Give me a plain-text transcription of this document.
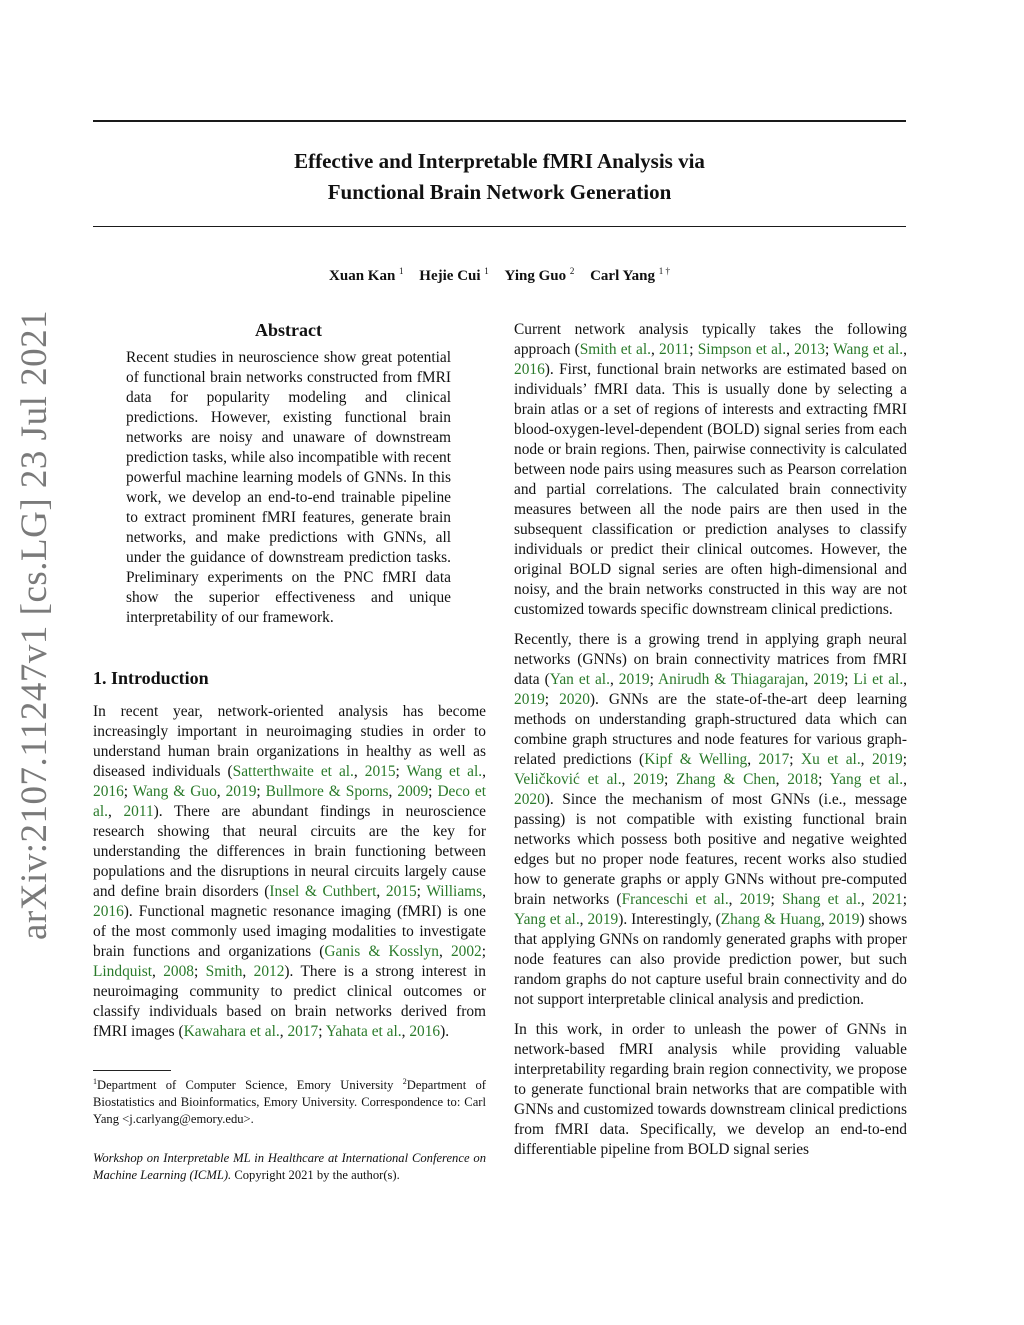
Effective and Interpretable fMRI Analysis via
Functional Brain Network Generation
Xuan Kan $^1$ Hejie Cui $^1$ Ying Guo $^2$ Carl Yang $^{1 \dagger}$
arXiv:2107.11247v1 [cs.LG] 23 Jul 2021	Abstract

Recent studies in neuroscience show great potential of functional brain networks constructed from fMRI data for popularity modeling and clinical predictions. However, existing functional brain networks are noisy and unaware of downstream prediction tasks, while also incompatible with recent powerful machine learning models of GNNs. In this work, we develop an end-to-end trainable pipeline to extract prominent fMRI features, generate brain networks, and make predictions with GNNs, all under the guidance of downstream prediction tasks. Preliminary experiments on the PNC fMRI data show the superior effectiveness and unique interpretability of our framework.

1. Introduction

In recent year, network-oriented analysis has become increasingly important in neuroimaging studies in order to understand human brain organizations in healthy as well as diseased individuals (Satterthwaite et al., 2015; Wang et al., 2016; Wang & Guo, 2019; Bullmore & Sporns, 2009; Deco et al., 2011). There are abundant findings in neuroscience research showing that neural circuits are the key for understanding the differences in brain functioning between populations and the disruptions in neural circuits largely cause and define brain disorders (Insel & Cuthbert, 2015; Williams, 2016). Functional magnetic resonance imaging (fMRI) is one of the most commonly used imaging modalities to investigate brain functions and organizations (Ganis & Kosslyn, 2002; Lindquist, 2008; Smith, 2012). There is a strong interest in neuroimaging community to predict clinical outcomes or classify individuals based on brain networks derived from fMRI images (Kawahara et al., 2017; Yahata et al., 2016).

$^1$Department of Computer Science, Emory University $^2$Department of Biostatistics and Bioinformatics, Emory University. Correspondence to: Carl Yang <j.carlyang@emory.edu>.
Workshop on Interpretable ML in Healthcare at International Conference on Machine Learning (ICML). Copyright 2021 by the author(s).

Current network analysis typically takes the following approach (Smith et al., 2011; Simpson et al., 2013; Wang et al., 2016). First, functional brain networks are estimated based on individuals’ fMRI data. This is usually done by selecting a brain atlas or a set of regions of interests and extracting fMRI blood-oxygen-level-dependent (BOLD) signal series from each node or brain regions. Then, pairwise connectivity is calculated between node pairs using measures such as Pearson correlation and partial correlations. The calculated brain connectivity measures between all the node pairs are then used in the subsequent classification or prediction analyses to classify individuals or predict their clinical outcomes. However, the original BOLD signal series are often high-dimensional and noisy, and the brain networks constructed in this way are not customized towards specific downstream clinical predictions.

Recently, there is a growing trend in applying graph neural networks (GNNs) on brain connectivity matrices from fMRI data (Yan et al., 2019; Anirudh & Thiagarajan, 2019; Li et al., 2019; 2020). GNNs are the state-of-the-art deep learning methods on understanding graph-structured data which can combine graph structures and node features for various graph-related predictions (Kipf & Welling, 2017; Xu et al., 2019; Veličković et al., 2019; Zhang & Chen, 2018; Yang et al., 2020). Since the mechanism of most GNNs (i.e., message passing) is not compatible with existing functional brain networks which possess both positive and negative weighted edges but no proper node features, recent works also studied how to generate graphs or apply GNNs without pre-computed brain networks (Franceschi et al., 2019; Shang et al., 2021; Yang et al., 2019). Interestingly, (Zhang & Huang, 2019) shows that applying GNNs on randomly generated graphs with proper node features can also provide prediction power, but such random graphs do not capture useful brain connectivity and do not support interpretable clinical analysis and prediction.

In this work, in order to unleash the power of GNNs in network-based fMRI analysis while providing valuable interpretability regarding brain region connectivity, we propose to generate functional brain networks that are compatible with GNNs and customized towards downstream clinical predictions from fMRI data. Specifically, we develop an end-to-end differentiable pipeline from BOLD signal series
